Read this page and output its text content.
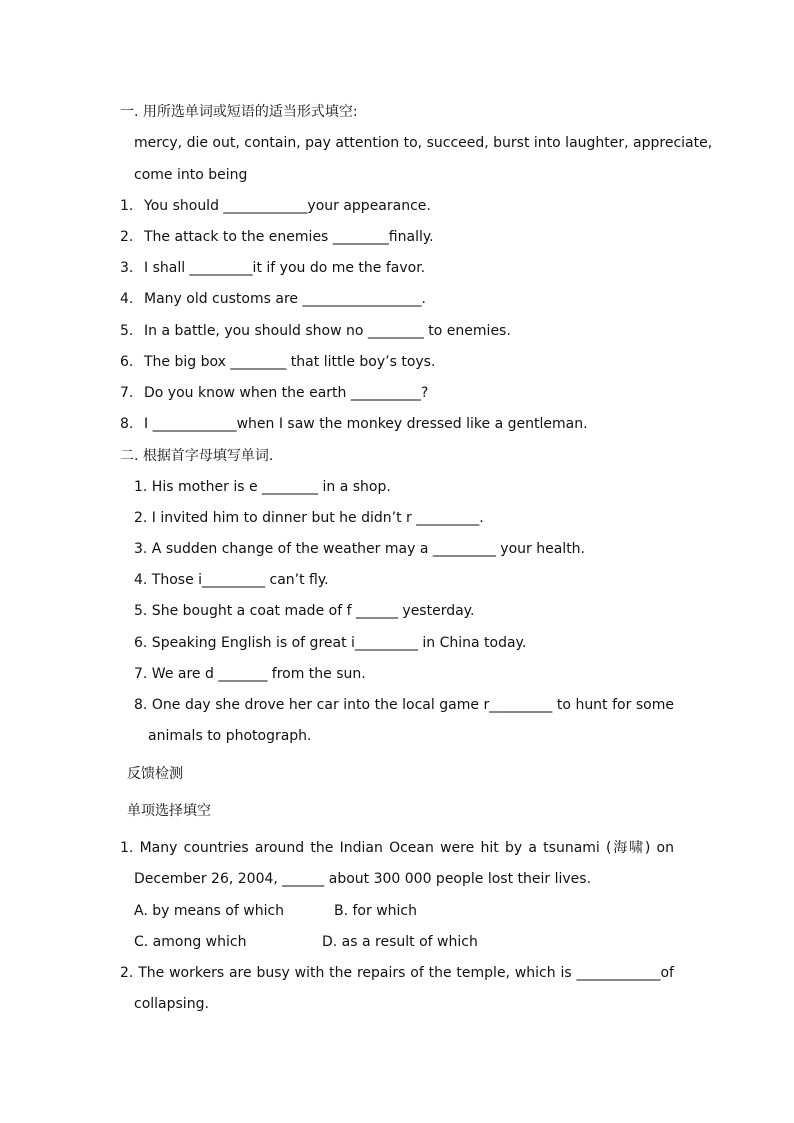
一. 用所选单词或短语的适当形式填空:
mercy, die out, contain, pay attention to, succeed, burst into laughter, appreciate,
come into being
1. You should ____________your appearance.
2. The attack to the enemies ________finally.
3. I shall _________it if you do me the favor.
4. Many old customs are _________________.
5. In a battle, you should show no ________ to enemies.
6. The big box ________ that little boy’s toys.
7. Do you know when the earth __________?
8. I ____________when I saw the monkey dressed like a gentleman.
二. 根据首字母填写单词.
1. His mother is e ________ in a shop.
2. I invited him to dinner but he didn’t r _________.
3. A sudden change of the weather may a _________ your health.
4. Those i_________ can’t fly.
5. She bought a coat made of f ______ yesterday.
6. Speaking English is of great i_________ in China today.
7. We are d _______ from the sun.
8. One day she drove her car into the local game r_________ to hunt for some
animals to photograph.
反馈检测
单项选择填空
1. Many countries around the Indian Ocean were hit by a tsunami (海啸) on
December 26, 2004, ______ about 300 000 people lost their lives.
A. by means of which	B. for which
C. among which	D. as a result of which
2. The workers are busy with the repairs of the temple, which is ____________of
collapsing.
